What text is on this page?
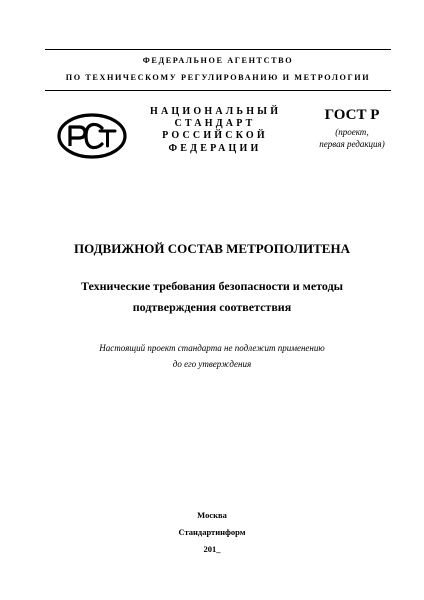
ФЕДЕРАЛЬНОЕ АГЕНТСТВО
ПО ТЕХНИЧЕСКОМУ РЕГУЛИРОВАНИЮ И МЕТРОЛОГИИ
НАЦИОНАЛЬНЫЙ
СТАНДАРТ
РОССИЙСКОЙ
ФЕДЕРАЦИИ
ГОСТ Р
(проект,
первая редакция)
ПОДВИЖНОЙ СОСТАВ МЕТРОПОЛИТЕНА
Технические требования безопасности и методы
подтверждения соответствия
Настоящий проект стандарта не подлежит применению
до его утверждения
Москва
Стандартинформ
201_
